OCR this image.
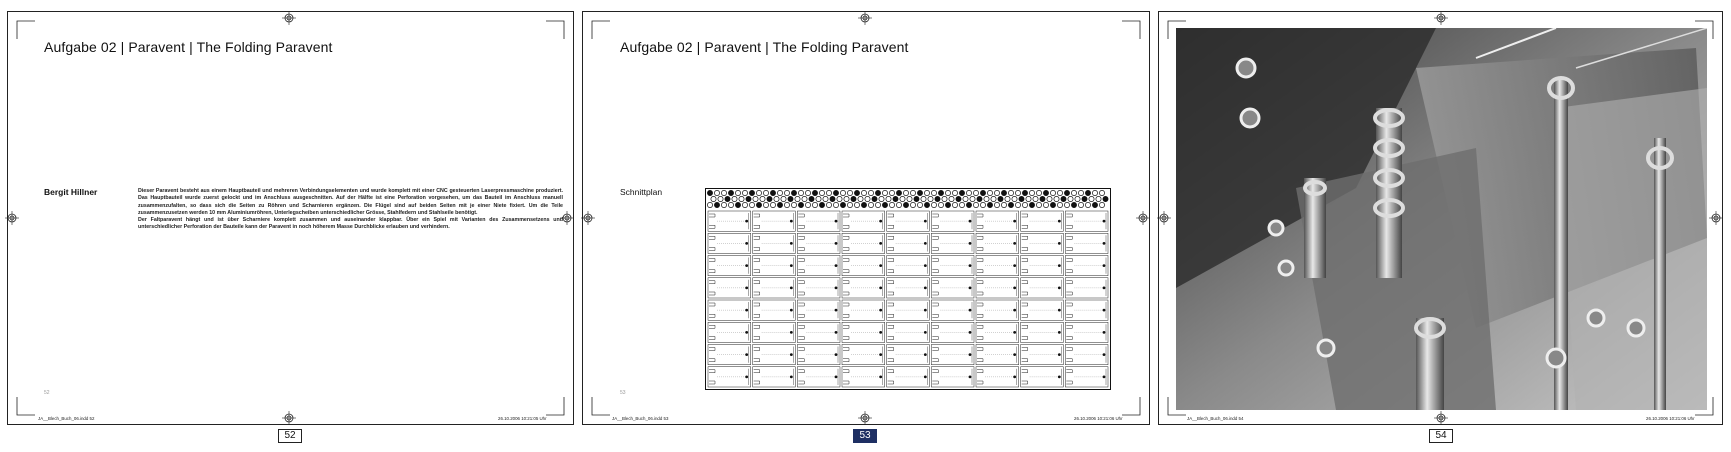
Aufgabe 02 | Paravent | The Folding Paravent
Bergit Hillner	Dieser Paravent besteht aus einem Hauptbauteil und mehreren Verbindungselementen und wurde komplett mit einer CNC gesteuerten Laserpressmaschine produziert. Das Hauptbauteil wurde zuerst gelockt und im Anschluss ausgeschnitten. Auf der Hälfte ist eine Perforation vorgesehen, um das Bauteil im Anschluss manuell zusammenzufalten, so dass sich die Seiten zu Röhren und Scharnieren ergänzen. Die Flügel sind auf beiden Seiten mit je einer Niete fixiert. Um die Teile zusammenzusetzen werden 10 mm Aluminiumröhren, Unterlegscheiben unterschiedlicher Grösse, Stahlfedern und Stahlseile benötigt.

Der Faltparavent hängt und ist über Scharniere komplett zusammen und auseinander klappbar. Über ein Spiel mit Varianten des Zusammensetzens und unterschiedlicher Perforation der Bauteile kann der Paravent in noch höherem Masse Durchblicke erlauben und verhindern.

52
JA__Blech_Buch_06.indd 52	26.10.2006 10:21:05 Uhr
Aufgabe 02 | Paravent | The Folding Paravent
Schnittplan
53
JA__Blech_Buch_06.indd 53	26.10.2006 10:21:06 Uhr	JA__Blech_Buch_06.indd 54	26.10.2006 10:21:06 Uhr
52	53	54
